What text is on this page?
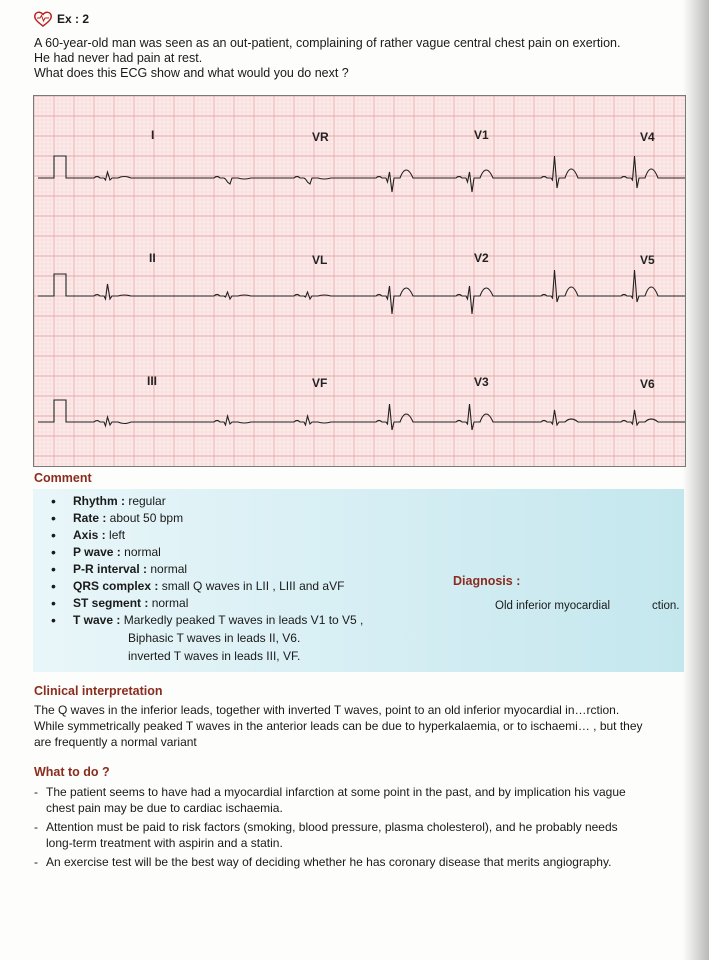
Ex : 2
A 60-year-old man was seen as an out-patient, complaining of rather vague central chest pain on exertion.
He had never had pain at rest.
What does this ECG show and what would you do next ?
I	VR	V1	V4
II	VL	V2	V5
III	VF	V3	V6
Comment
• Rhythm : regular
• Rate : about 50 bpm
• Axis : left
• P wave : normal
• P-R interval : normal
• QRS complex : small Q waves in LII , LIII and aVF
• ST segment : normal
• T wave : Markedly peaked T waves in leads V1 to V5 ,
Biphasic T waves in leads II, V6.
inverted T waves in leads III, VF.
Diagnosis :
Old inferior myocardial	ction.
Clinical interpretation
The Q waves in the inferior leads, together with inverted T waves, point to an old inferior myocardial in…rction.
While symmetrically peaked T waves in the anterior leads can be due to hyperkalaemia, or to ischaemi… , but they
are frequently a normal variant
What to do ?
- The patient seems to have had a myocardial infarction at some point in the past, and by implication his vague
chest pain may be due to cardiac ischaemia.
- Attention must be paid to risk factors (smoking, blood pressure, plasma cholesterol), and he probably needs
long-term treatment with aspirin and a statin.
- An exercise test will be the best way of deciding whether he has coronary disease that merits angiography.
